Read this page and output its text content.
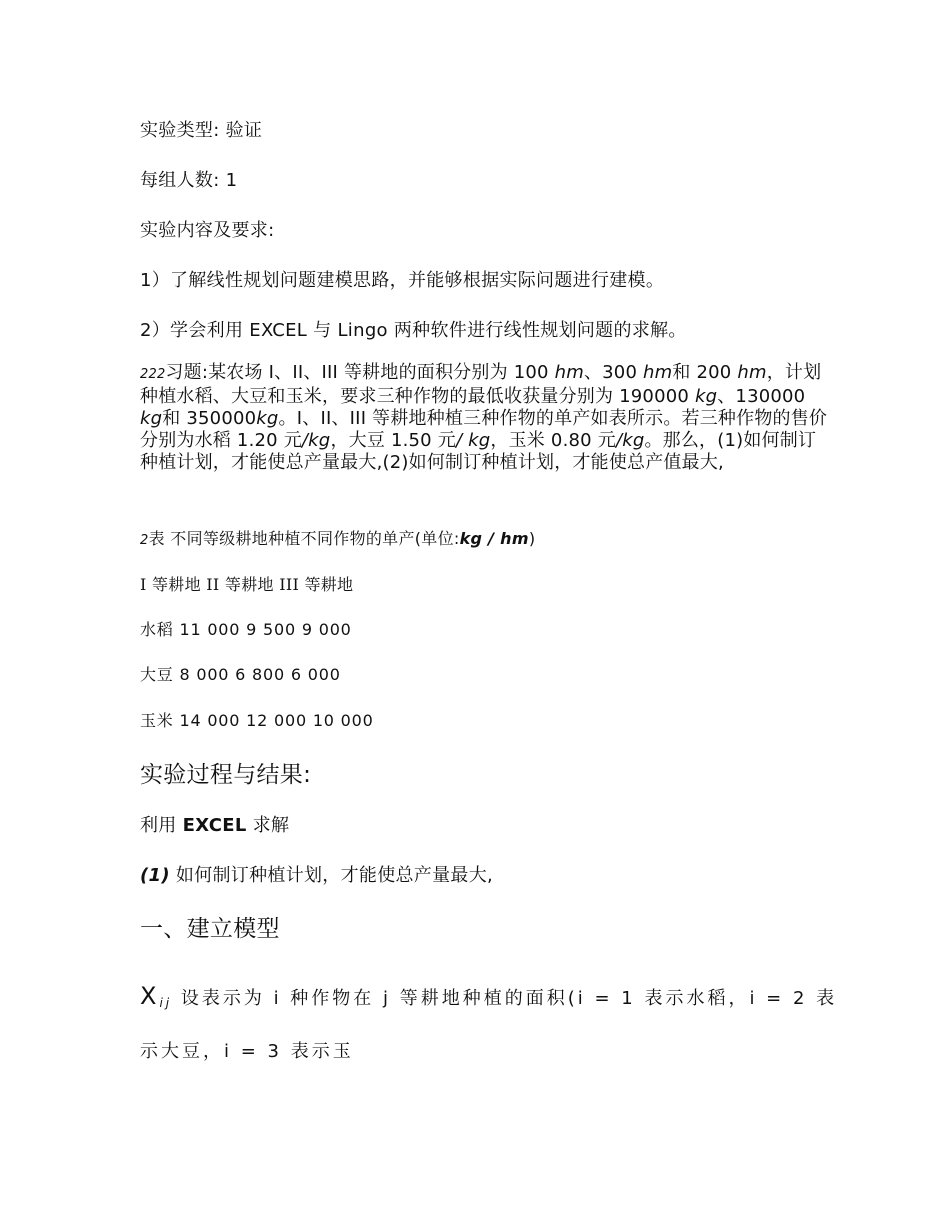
实验类型: 验证
每组人数: 1
实验内容及要求:
1）了解线性规划问题建模思路，并能够根据实际问题进行建模。
2）学会利用 EXCEL 与 Lingo 两种软件进行线性规划问题的求解。
222习题:某农场 I、II、III 等耕地的面积分别为 100 hm、300 hm和 200 hm，计划种植水稻、大豆和玉米，要求三种作物的最低收获量分别为 190000 kg、130000 kg和 350000kg。I、II、III 等耕地种植三种作物的单产如表所示。若三种作物的售价分别为水稻 1.20 元/kg，大豆 1.50 元/ kg，玉米 0.80 元/kg。那么，(1)如何制订种植计划，才能使总产量最大,(2)如何制订种植计划，才能使总产值最大,
2表 不同等级耕地种植不同作物的单产(单位:kg / hm)
I 等耕地 II 等耕地 III 等耕地
水稻 11 000 9 500 9 000
大豆 8 000 6 800 6 000
玉米 14 000 12 000 10 000
实验过程与结果:
利用 EXCEL 求解
(1) 如何制订种植计划，才能使总产量最大,
一、建立模型
Xij 设表示为 i 种作物在 j 等耕地种植的面积(i = 1 表示水稻，i = 2 表
示大豆，i = 3 表示玉
